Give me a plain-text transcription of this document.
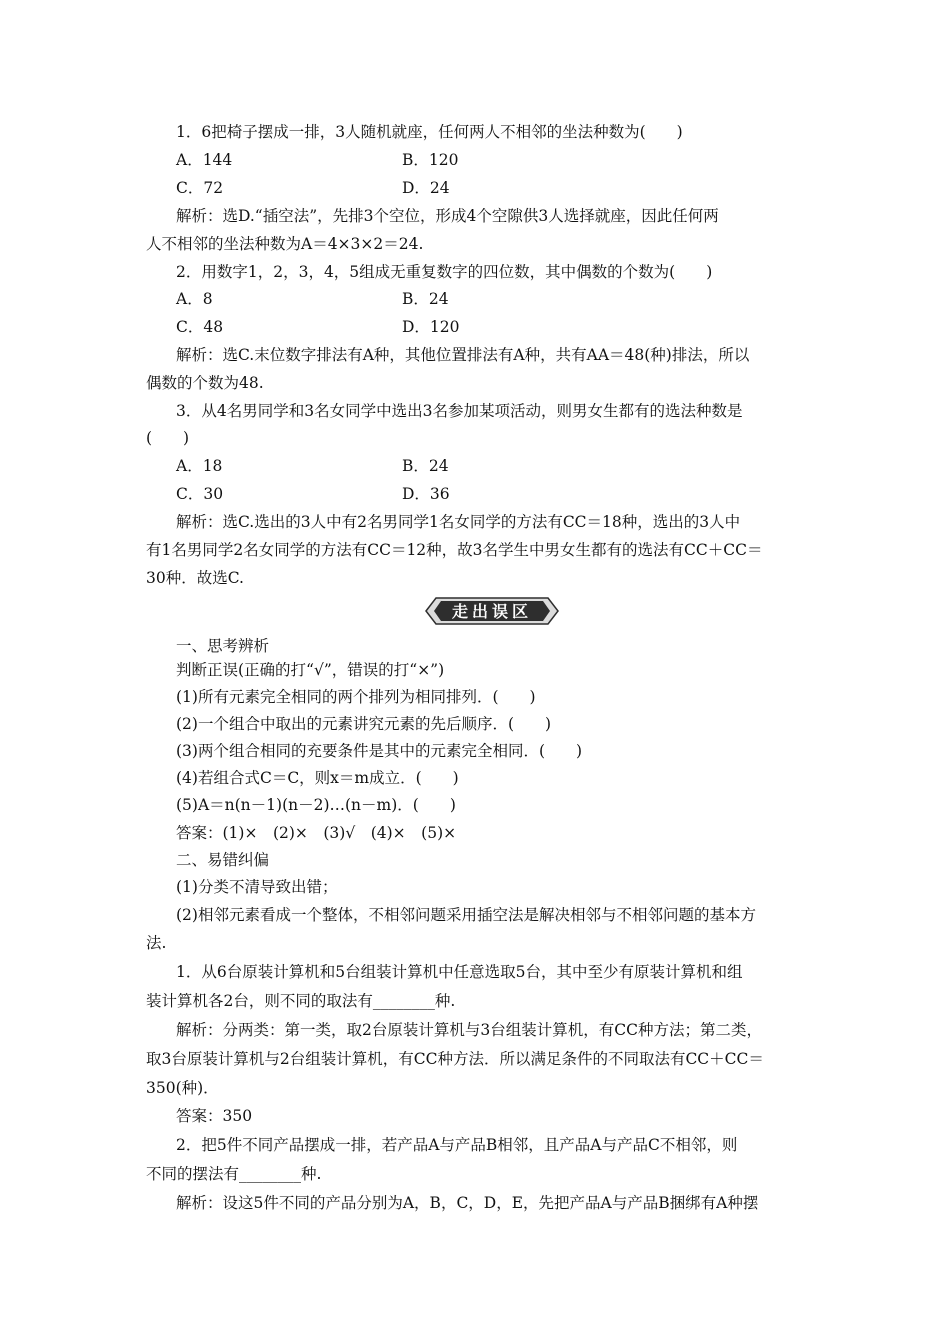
1．6把椅子摆成一排，3人随机就座，任何两人不相邻的坐法种数为(　　)
A．144	B．120
C．72	D．24
解析：选D.“插空法”，先排3个空位，形成4个空隙供3人选择就座，因此任何两
人不相邻的坐法种数为A＝4×3×2＝24.
2．用数字1，2，3，4，5组成无重复数字的四位数，其中偶数的个数为(　　)
A．8	B．24
C．48	D．120
解析：选C.末位数字排法有A种，其他位置排法有A种，共有AA＝48(种)排法，所以
偶数的个数为48.
3．从4名男同学和3名女同学中选出3名参加某项活动，则男女生都有的选法种数是
(　　)
A．18	B．24
C．30	D．36
解析：选C.选出的3人中有2名男同学1名女同学的方法有CC＝18种，选出的3人中
有1名男同学2名女同学的方法有CC＝12种，故3名学生中男女生都有的选法有CC＋CC＝
30种．故选C.
走出误区
一、思考辨析
判断正误(正确的打“√”，错误的打“×”)
(1)所有元素完全相同的两个排列为相同排列．(　　)
(2)一个组合中取出的元素讲究元素的先后顺序．(　　)
(3)两个组合相同的充要条件是其中的元素完全相同．(　　)
(4)若组合式C＝C，则x＝m成立．(　　)
(5)A＝n(n－1)(n－2)…(n－m)．(　　)
答案：(1)×　(2)×　(3)√　(4)×　(5)×
二、易错纠偏
(1)分类不清导致出错；
(2)相邻元素看成一个整体，不相邻问题采用插空法是解决相邻与不相邻问题的基本方
法.
1．从6台原装计算机和5台组装计算机中任意选取5台，其中至少有原装计算机和组
装计算机各2台，则不同的取法有________种.
解析：分两类：第一类，取2台原装计算机与3台组装计算机，有CC种方法；第二类，
取3台原装计算机与2台组装计算机，有CC种方法．所以满足条件的不同取法有CC＋CC＝
350(种)．
答案：350
2．把5件不同产品摆成一排，若产品A与产品B相邻，且产品A与产品C不相邻，则
不同的摆法有________种.
解析：设这5件不同的产品分别为A，B，C，D，E，先把产品A与产品B捆绑有A种摆
